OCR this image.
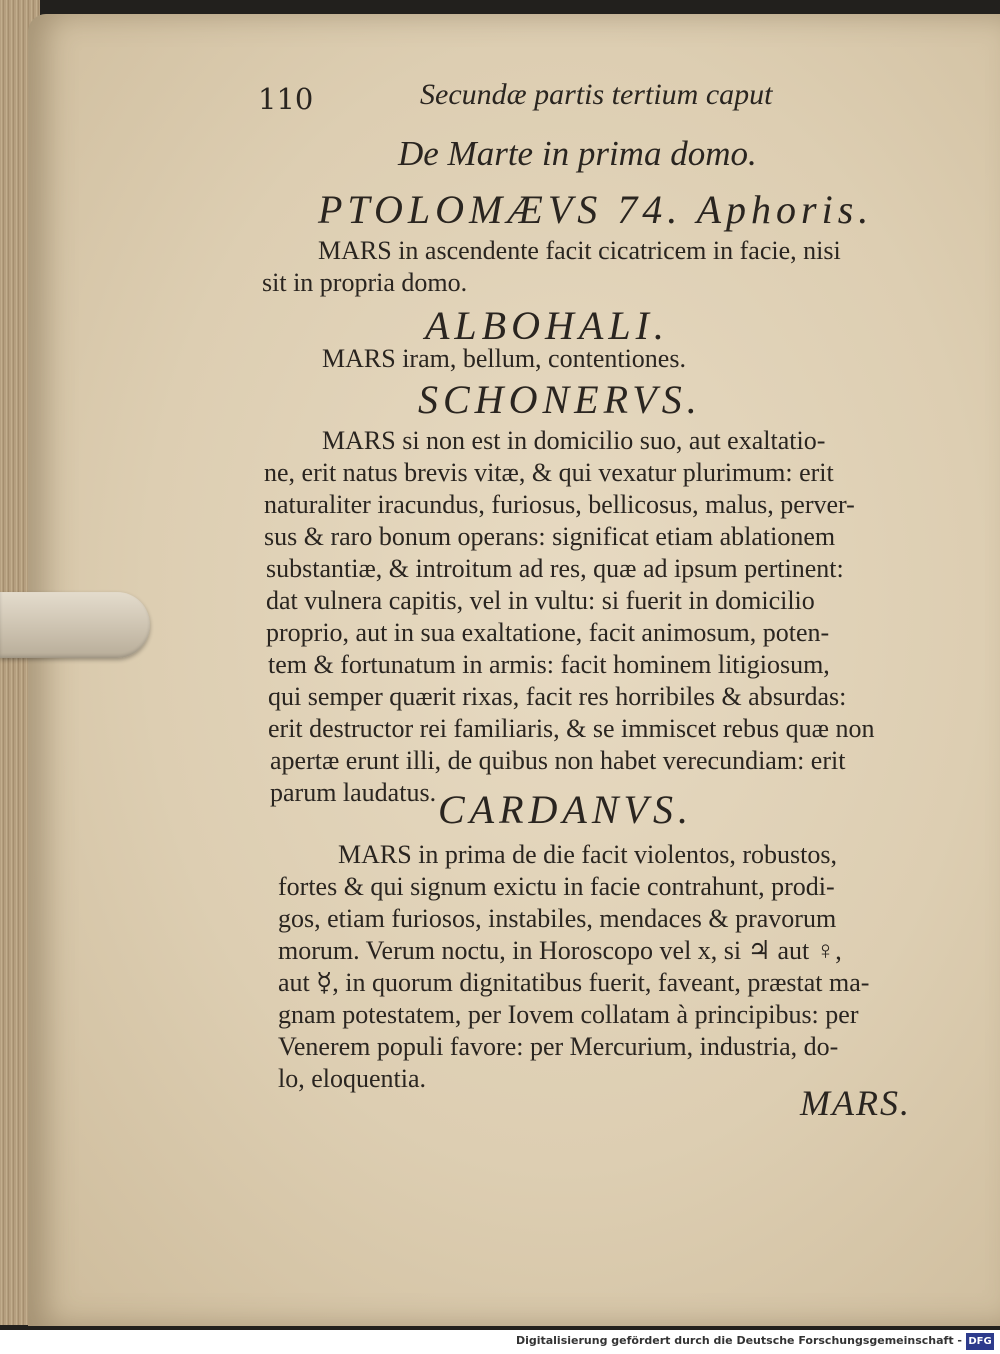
110	Secundæ partis tertium caput
De Marte in prima domo.
PTOLOMÆVS 74. Aphoris.
MARS in ascendente facit cicatricem in facie, nisi
sit in propria domo.
ALBOHALI.
MARS iram, bellum, contentiones.
SCHONERVS.
MARS si non est in domicilio suo, aut exaltatio-
ne, erit natus brevis vitæ, & qui vexatur plurimum: erit
naturaliter iracundus, furiosus, bellicosus, malus, perver-
sus & raro bonum operans: significat etiam ablationem
substantiæ, & introitum ad res, quæ ad ipsum pertinent:
dat vulnera capitis, vel in vultu: si fuerit in domicilio
proprio, aut in sua exaltatione, facit animosum, poten-
tem & fortunatum in armis: facit hominem litigiosum,
qui semper quærit rixas, facit res horribiles & absurdas:
erit destructor rei familiaris, & se immiscet rebus quæ non
apertæ erunt illi, de quibus non habet verecundiam: erit
parum laudatus. CARDANVS.
MARS in prima de die facit violentos, robustos,
fortes & qui signum exictu in facie contrahunt, prodi-
gos, etiam furiosos, instabiles, mendaces & pravorum
morum. Verum noctu, in Horoscopo vel x, si ♃ aut ♀,
aut ☿, in quorum dignitatibus fuerit, faveant, præstat ma-
gnam potestatem, per Iovem collatam à principibus: per
Venerem populi favore: per Mercurium, industria, do-
lo, eloquentia.
MARS.
Digitalisierung gefördert durch die Deutsche Forschungsgemeinschaft - DFG
